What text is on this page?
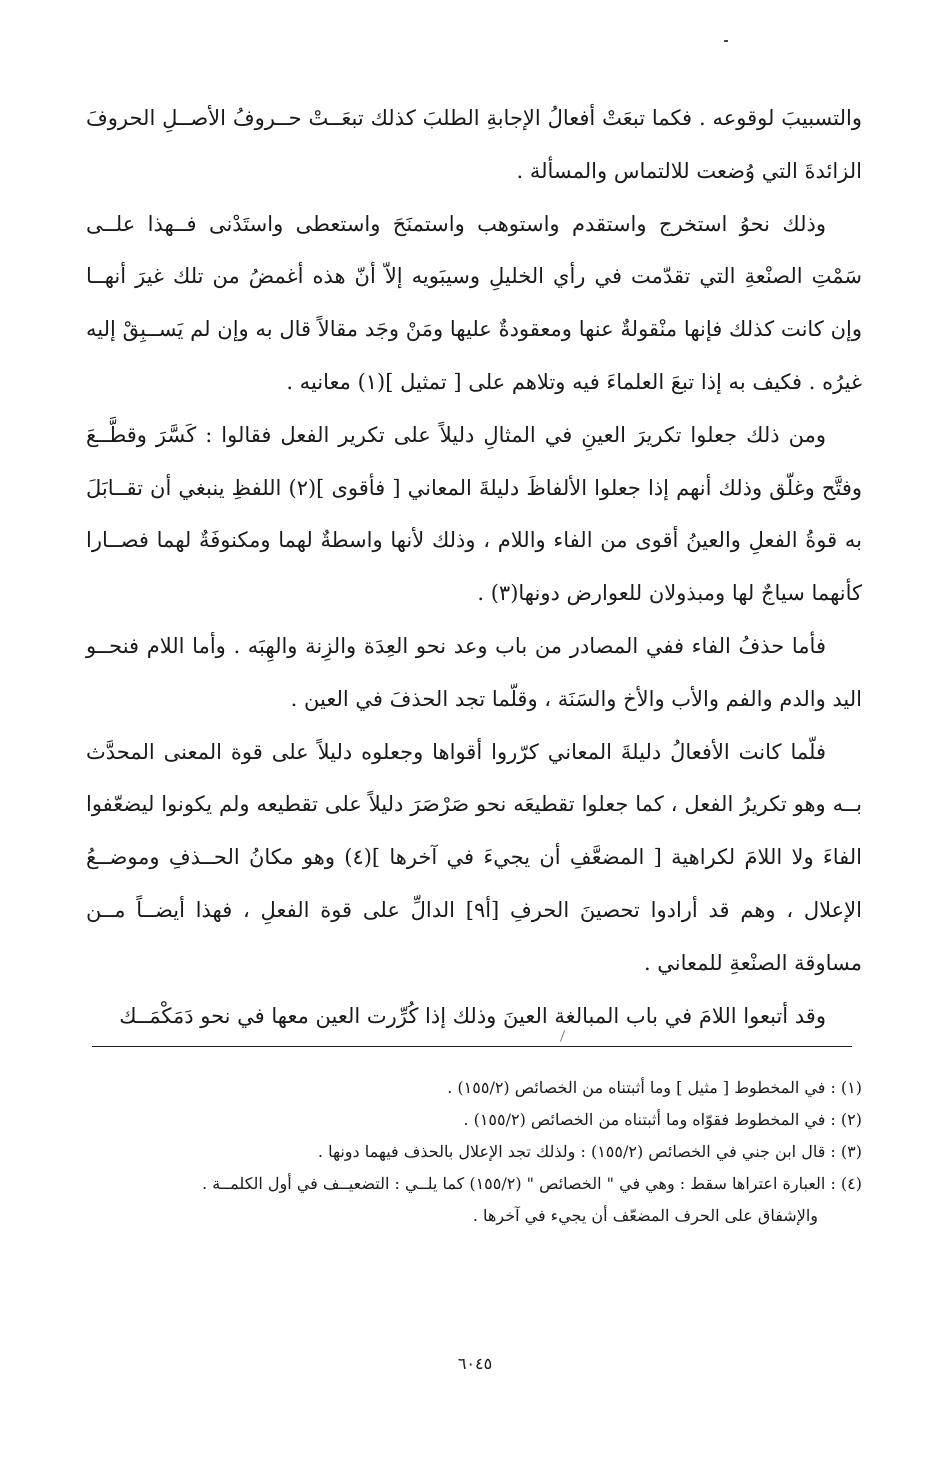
والتسبيبَ لوقوعه . فكما تبعَتْ أفعالُ الإجابةِ الطلبَ كذلك تبعَــتْ حــروفُ الأصــلِ الحروفَ الزائدةَ التي وُضعت للالتماس والمسألة .

وذلك نحوُ استخرج واستقدم واستوهب واستمنَحَ واستعطى واستَدْنى فــهذا علــى سَمْتِ الصنْعةِ التي تقدّمت في رأي الخليلِ وسيبَويه إلاّ أنّ هذه أغمضُ من تلك غيرَ أنهــا وإن كانت كذلك فإنها منْقولةٌ عنها ومعقودةٌ عليها ومَنْ وجَد مقالاً قال به وإن لم يَســبِقْ إليه غيرُه . فكيف به إذا تبعَ العلماءَ فيه وتلاهم على [ تمثيل ](١) معانيه .

ومن ذلك جعلوا تكريرَ العينِ في المثالِ دليلاً على تكرير الفعل فقالوا : كَسَّرَ وقطَّــعَ وفتَّح وغلّق وذلك أنهم إذا جعلوا الألفاظَ دليلةَ المعاني [ فأقوى ](٢) اللفظِ ينبغي أن تقــابَلَ به قوةُ الفعلِ والعينُ أقوى من الفاء واللام ، وذلك لأنها واسطةٌ لهما ومكنوفَةٌ لهما فصــارا كأنهما سياجٌ لها ومبذولان للعوارض دونها(٣) .

فأما حذفُ الفاء ففي المصادر من باب وعد نحو العِدَة والزِنة والهِبَه . وأما اللام فنحــو اليد والدم والفم والأب والأخ والسَنَة ، وقلّما تجد الحذفَ في العين .

فلّما كانت الأفعالُ دليلةَ المعاني كرّروا أقواها وجعلوه دليلاً على قوة المعنى المحدَّث بــه وهو تكريرُ الفعل ، كما جعلوا تقطيعَه نحو صَرْصَرَ دليلاً على تقطيعه ولم يكونوا ليضعّفوا الفاءَ ولا اللامَ لكراهية [ المضعَّفِ أن يجيءَ في آخرها ](٤) وهو مكانُ الحــذفِ وموضــعُ الإعلال ، وهم قد أرادوا تحصينَ الحرفِ [أ٩] الدالِّ على قوة الفعلِ ، فهذا أيضــاً مــن مساوقة الصنْعةِ للمعاني .

وقد أتبعوا اللامَ في باب المبالغة العينَ وذلك إذا كُرِّرت العين معها في نحو دَمَكْمَــك

(١) : في المخطوط [ مثيل ] وما أثبتناه من الخصائص (١٥٥/٢) .

(٢) : في المخطوط فقوّاه وما أثبتناه من الخصائص (١٥٥/٢) .

(٣) : قال ابن جني في الخصائص (١٥٥/٢) : ولذلك تجد الإعلال بالحذف فيهما دونها .

(٤) : العبارة اعتراها سقط : وهي في " الخصائص " (١٥٥/٢) كما يلــي : التضعيــف في أول الكلمــة .

والإشفاق على الحرف المضعّف أن يجيء في آخرها .

٦٠٤٥
